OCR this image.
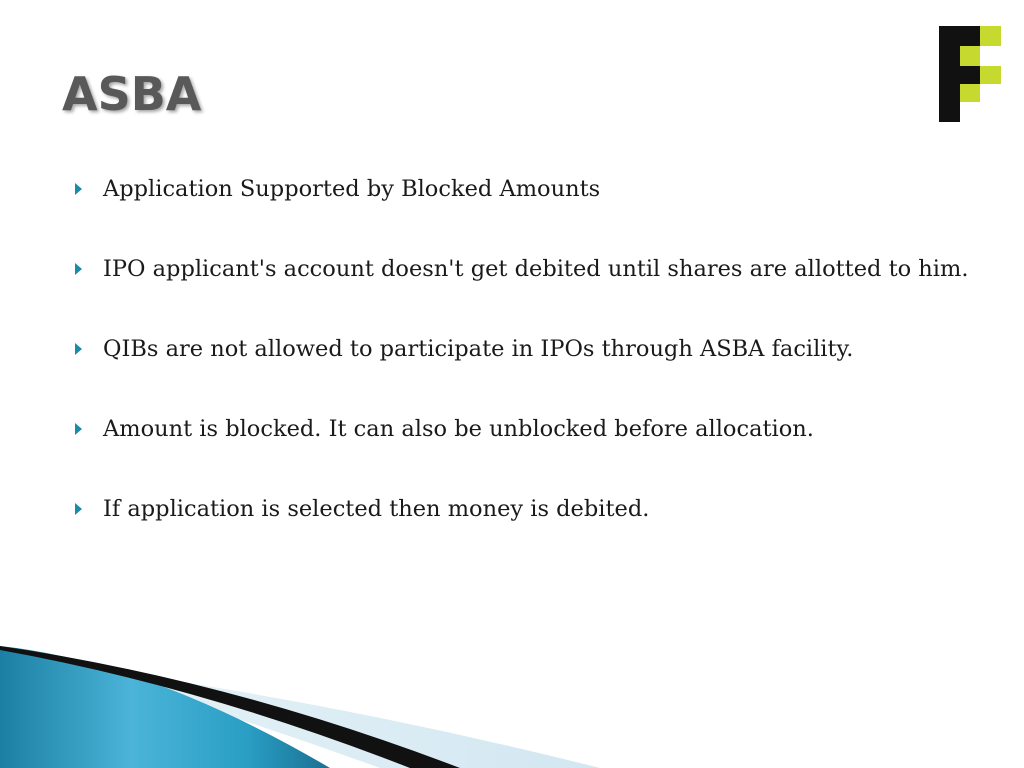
ASBA
Application Supported by Blocked Amounts
IPO applicant's account doesn't get debited until shares are allotted to him.
QIBs are not allowed to participate in IPOs through ASBA facility.
Amount is blocked. It can also be unblocked before allocation.
If application is selected then money is debited.
